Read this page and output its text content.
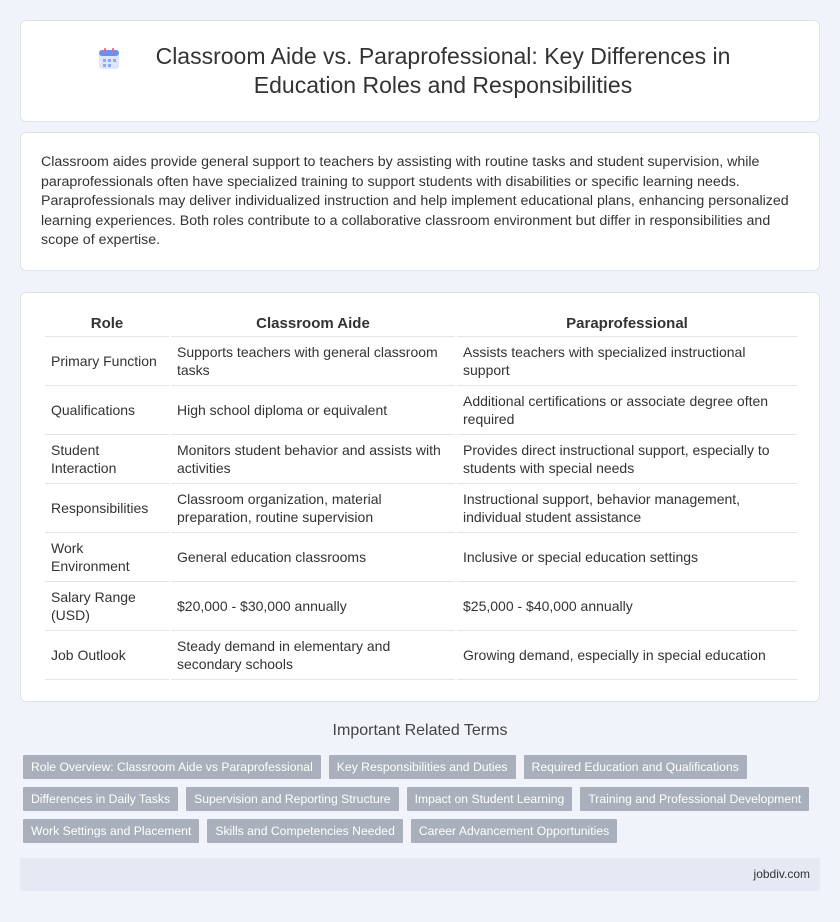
Classroom Aide vs. Paraprofessional: Key Differences in Education Roles and Responsibilities

Classroom aides provide general support to teachers by assisting with routine tasks and student supervision, while paraprofessionals often have specialized training to support students with disabilities or specific learning needs. Paraprofessionals may deliver individualized instruction and help implement educational plans, enhancing personalized learning experiences. Both roles contribute to a collaborative classroom environment but differ in responsibilities and scope of expertise.

Role	Classroom Aide	Paraprofessional
Primary Function	Supports teachers with general classroom tasks	Assists teachers with specialized instructional support
Qualifications	High school diploma or equivalent	Additional certifications or associate degree often required
Student Interaction	Monitors student behavior and assists with activities	Provides direct instructional support, especially to students with special needs
Responsibilities	Classroom organization, material preparation, routine supervision	Instructional support, behavior management, individual student assistance
Work Environment	General education classrooms	Inclusive or special education settings
Salary Range (USD)	$20,000 - $30,000 annually	$25,000 - $40,000 annually
Job Outlook	Steady demand in elementary and secondary schools	Growing demand, especially in special education
Important Related Terms
Role Overview: Classroom Aide vs Paraprofessional	Key Responsibilities and Duties	Required Education and Qualifications
Differences in Daily Tasks	Supervision and Reporting Structure	Impact on Student Learning	Training and Professional Development
Work Settings and Placement	Skills and Competencies Needed	Career Advancement Opportunities
jobdiv.com
